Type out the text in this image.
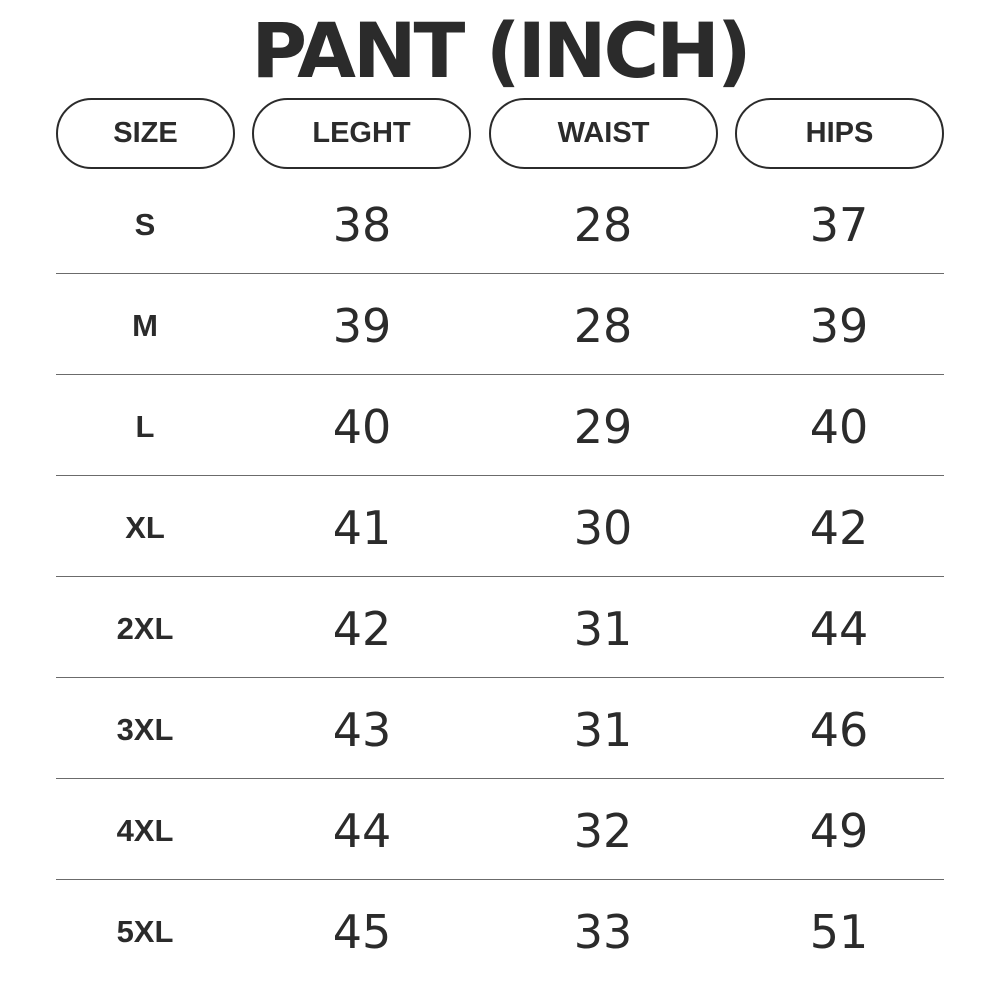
PANT (INCH)
SIZE	LEGHT	WAIST	HIPS
S	38	28	37
M	39	28	39
L	40	29	40
XL	41	30	42
2XL	42	31	44
3XL	43	31	46
4XL	44	32	49
5XL	45	33	51
